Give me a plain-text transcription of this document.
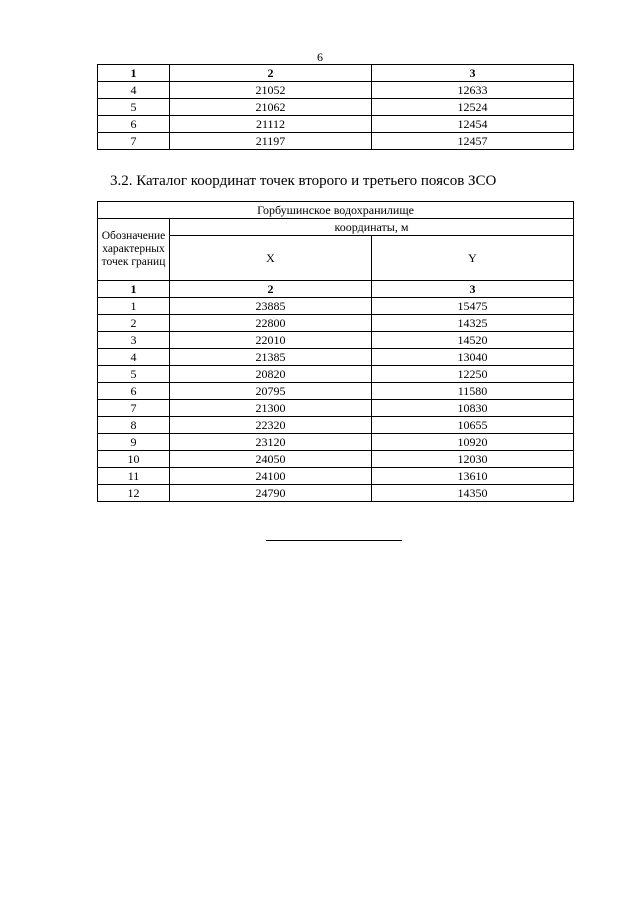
6
1	2	3
4	21052	12633
5	21062	12524
6	21112	12454
7	21197	12457
3.2. Каталог координат точек второго и третьего поясов ЗСО
Горбушинское водохранилище		
Обозначение характерных точек границ	координаты, м	
	X	Y
1	2	3
1	23885	15475
2	22800	14325
3	22010	14520
4	21385	13040
5	20820	12250
6	20795	11580
7	21300	10830
8	22320	10655
9	23120	10920
10	24050	12030
11	24100	13610
12	24790	14350
